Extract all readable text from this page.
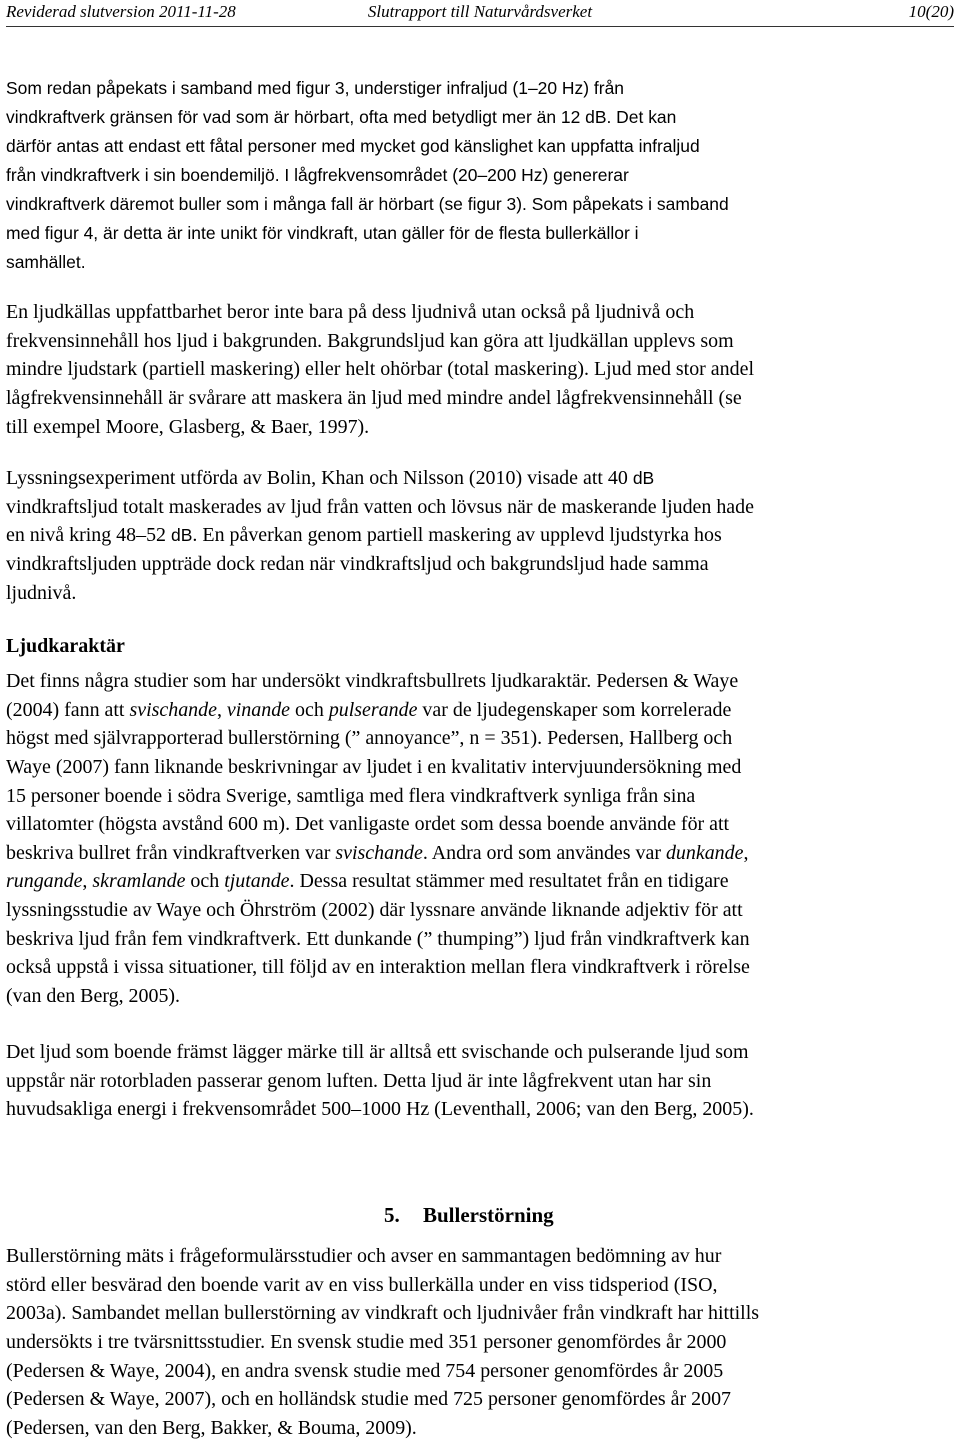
Reviderad slutversion 2011-11-28	Slutrapport till Naturvårdsverket	10(20)
Som redan påpekats i samband med figur 3, understiger infraljud (1–20 Hz) från
vindkraftverk gränsen för vad som är hörbart, ofta med betydligt mer än 12 dB. Det kan
därför antas att endast ett fåtal personer med mycket god känslighet kan uppfatta infraljud
från vindkraftverk i sin boendemiljö. I lågfrekvensområdet (20–200 Hz) genererar
vindkraftverk däremot buller som i många fall är hörbart (se figur 3). Som påpekats i samband
med figur 4, är detta är inte unikt för vindkraft, utan gäller för de flesta bullerkällor i
samhället.
En ljudkällas uppfattbarhet beror inte bara på dess ljudnivå utan också på ljudnivå och
frekvensinnehåll hos ljud i bakgrunden. Bakgrundsljud kan göra att ljudkällan upplevs som
mindre ljudstark (partiell maskering) eller helt ohörbar (total maskering). Ljud med stor andel
lågfrekvensinnehåll är svårare att maskera än ljud med mindre andel lågfrekvensinnehåll (se
till exempel Moore, Glasberg, & Baer, 1997).
Lyssningsexperiment utförda av Bolin, Khan och Nilsson (2010) visade att 40 dB
vindkraftsljud totalt maskerades av ljud från vatten och lövsus när de maskerande ljuden hade
en nivå kring 48–52 dB. En påverkan genom partiell maskering av upplevd ljudstyrka hos
vindkraftsljuden uppträde dock redan när vindkraftsljud och bakgrundsljud hade samma
ljudnivå.
Ljudkaraktär
Det finns några studier som har undersökt vindkraftsbullrets ljudkaraktär. Pedersen & Waye
(2004) fann att svischande, vinande och pulserande var de ljudegenskaper som korrelerade
högst med självrapporterad bullerstörning (” annoyance”, n = 351). Pedersen, Hallberg och
Waye (2007) fann liknande beskrivningar av ljudet i en kvalitativ intervjuundersökning med
15 personer boende i södra Sverige, samtliga med flera vindkraftverk synliga från sina
villatomter (högsta avstånd 600 m). Det vanligaste ordet som dessa boende använde för att
beskriva bullret från vindkraftverken var svischande. Andra ord som användes var dunkande,
rungande, skramlande och tjutande. Dessa resultat stämmer med resultatet från en tidigare
lyssningsstudie av Waye och Öhrström (2002) där lyssnare använde liknande adjektiv för att
beskriva ljud från fem vindkraftverk. Ett dunkande (” thumping”) ljud från vindkraftverk kan
också uppstå i vissa situationer, till följd av en interaktion mellan flera vindkraftverk i rörelse
(van den Berg, 2005).
Det ljud som boende främst lägger märke till är alltså ett svischande och pulserande ljud som
uppstår när rotorbladen passerar genom luften. Detta ljud är inte lågfrekvent utan har sin
huvudsakliga energi i frekvensområdet 500–1000 Hz (Leventhall, 2006; van den Berg, 2005).
5. Bullerstörning
Bullerstörning mäts i frågeformulärsstudier och avser en sammantagen bedömning av hur
störd eller besvärad den boende varit av en viss bullerkälla under en viss tidsperiod (ISO,
2003a). Sambandet mellan bullerstörning av vindkraft och ljudnivåer från vindkraft har hittills
undersökts i tre tvärsnittsstudier. En svensk studie med 351 personer genomfördes år 2000
(Pedersen & Waye, 2004), en andra svensk studie med 754 personer genomfördes år 2005
(Pedersen & Waye, 2007), och en holländsk studie med 725 personer genomfördes år 2007
(Pedersen, van den Berg, Bakker, & Bouma, 2009).
